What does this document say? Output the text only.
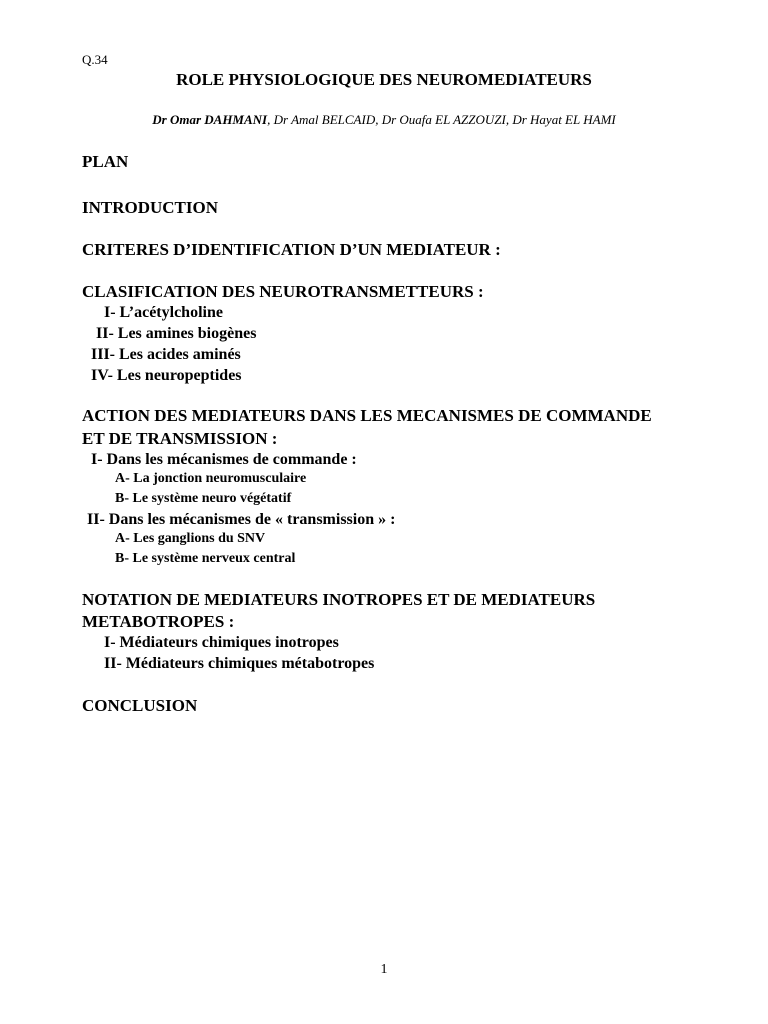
Q.34
ROLE PHYSIOLOGIQUE DES NEUROMEDIATEURS
Dr Omar DAHMANI, Dr Amal BELCAID, Dr Ouafa EL AZZOUZI, Dr Hayat EL HAMI
PLAN
INTRODUCTION
CRITERES D’IDENTIFICATION D’UN MEDIATEUR :
CLASIFICATION DES NEUROTRANSMETTEURS :
I- L’acétylcholine
II- Les amines biogènes
III- Les acides aminés
IV- Les neuropeptides
ACTION DES MEDIATEURS DANS LES MECANISMES DE COMMANDE
ET DE TRANSMISSION :
I- Dans les mécanismes de commande :
A- La jonction neuromusculaire
B- Le système neuro végétatif
II- Dans les mécanismes de « transmission » :
A- Les ganglions du SNV
B- Le système nerveux central
NOTATION DE MEDIATEURS INOTROPES ET DE MEDIATEURS
METABOTROPES :
I- Médiateurs chimiques inotropes
II- Médiateurs chimiques métabotropes
CONCLUSION
1
